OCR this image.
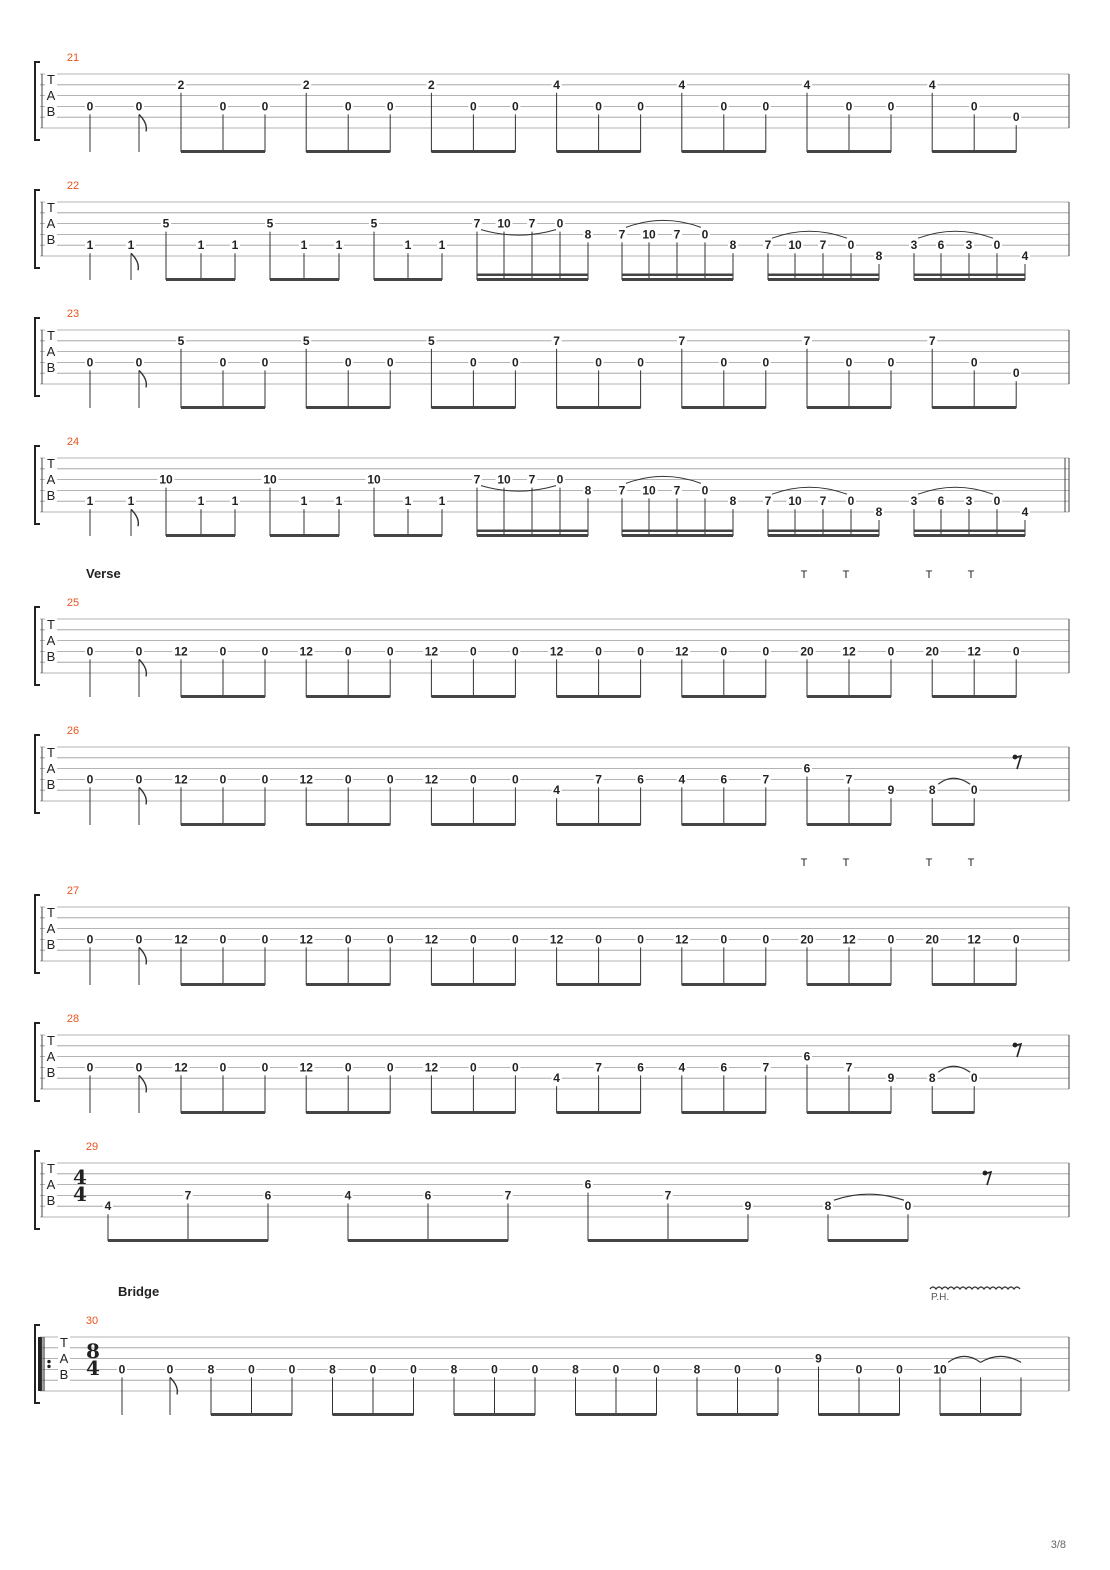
T
A
B
21
0	0
2
0	0
2
0	0
2
0	0
4
0	0
4
0	0
4
0	0
4
0
0
T
A
B
22
1	1
5
1 1
5
1 1
5
1 1
7 10 7 0
8 7 10 7 0
8 7 10 7 0
8
3 6 3 0
4
T
A
B
23
0	0
5
0	0
5
0	0
5
0	0
7
0	0
7
0	0
7
0	0
7
0
0
T
A
B
24
1	1
10
1 1
10
1 1
10
1 1
7 10 7 0
8 7 10 7 0
8 7 10 7 0
8
3 6 3 0
4
T
A
B
25
Verse
0	0	12	0	0	12	0	0	12	0	0	12	0	0	12	0	0	20 12	0	20 12	0
T	T	T	T
T
A
B
26
0	0	12	0	0	12	0	0	12	0	0
4
7	6	4	6	7
6
7
9	8	0
T
A
B
27
0	0	12	0	0	12	0	0	12	0	0	12	0	0	12	0	0	20 12	0	20 12	0
T	T	T	T
T
A
B
28
0	0	12	0	0	12	0	0	12	0	0
4
7	6	4	6	7
6
7
9	8	0
T
A
B
29
4
4
4
7	6	4	6	7
6
7
9	8	0
T
A
B
30
Bridge
8
4 0	0	8	0	0	8	0	0	8	0	0	8	0	0	8	0	0
9
0	0	10
P.H.
3/8
